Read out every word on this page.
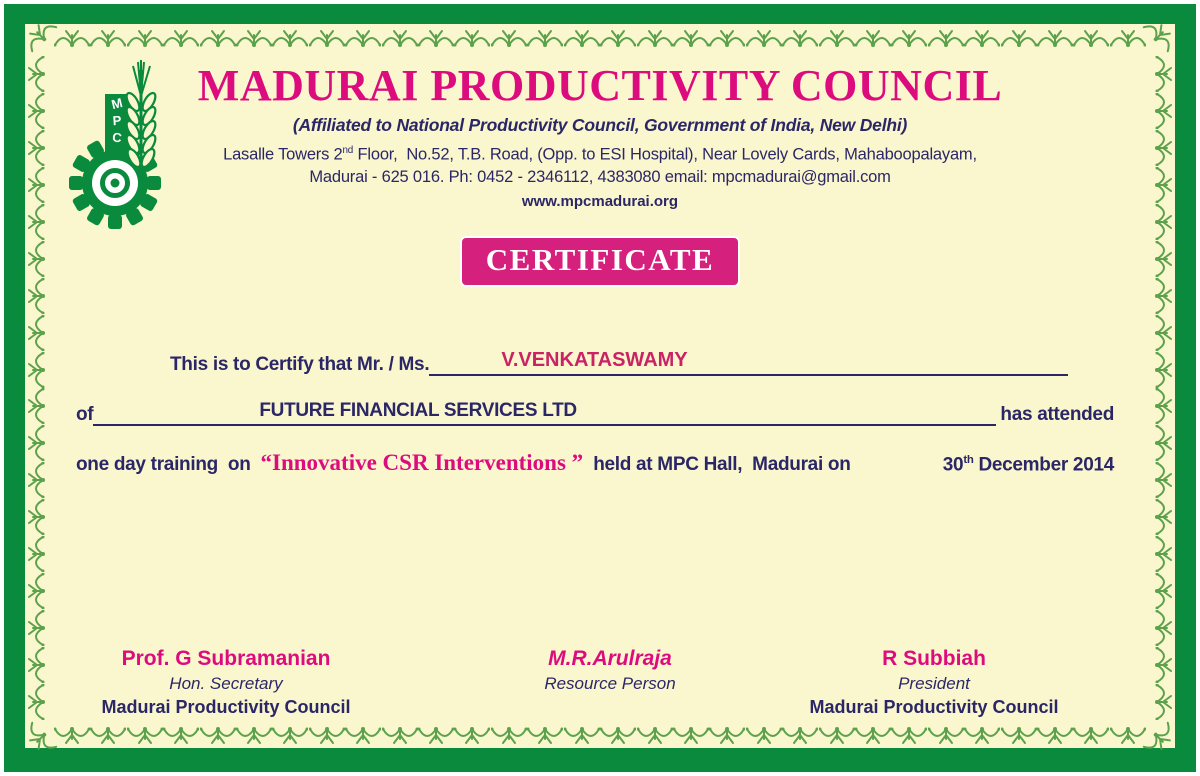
M
P
C
MADURAI PRODUCTIVITY COUNCIL

(Affiliated to National Productivity Council, Government of India, New Delhi)

Lasalle Towers 2nd Floor,  No.52, T.B. Road, (Opp. to ESI Hospital), Near Lovely Cards, Mahaboopalayam,

Madurai - 625 016. Ph: 0452 - 2346112, 4383080 email: mpcmadurai@gmail.com

www.mpcmadurai.org

CERTIFICATE
This is to Certify that Mr. / Ms.	V.VENKATASWAMY
of	FUTURE FINANCIAL SERVICES LTD	has attended
one day training  on “Innovative CSR Interventions ” held at MPC Hall,  Madurai on	30th December 2014
Prof. G Subramanian
Hon. Secretary
Madurai Productivity Council
M.R.Arulraja
Resource Person
R Subbiah
President
Madurai Productivity Council
